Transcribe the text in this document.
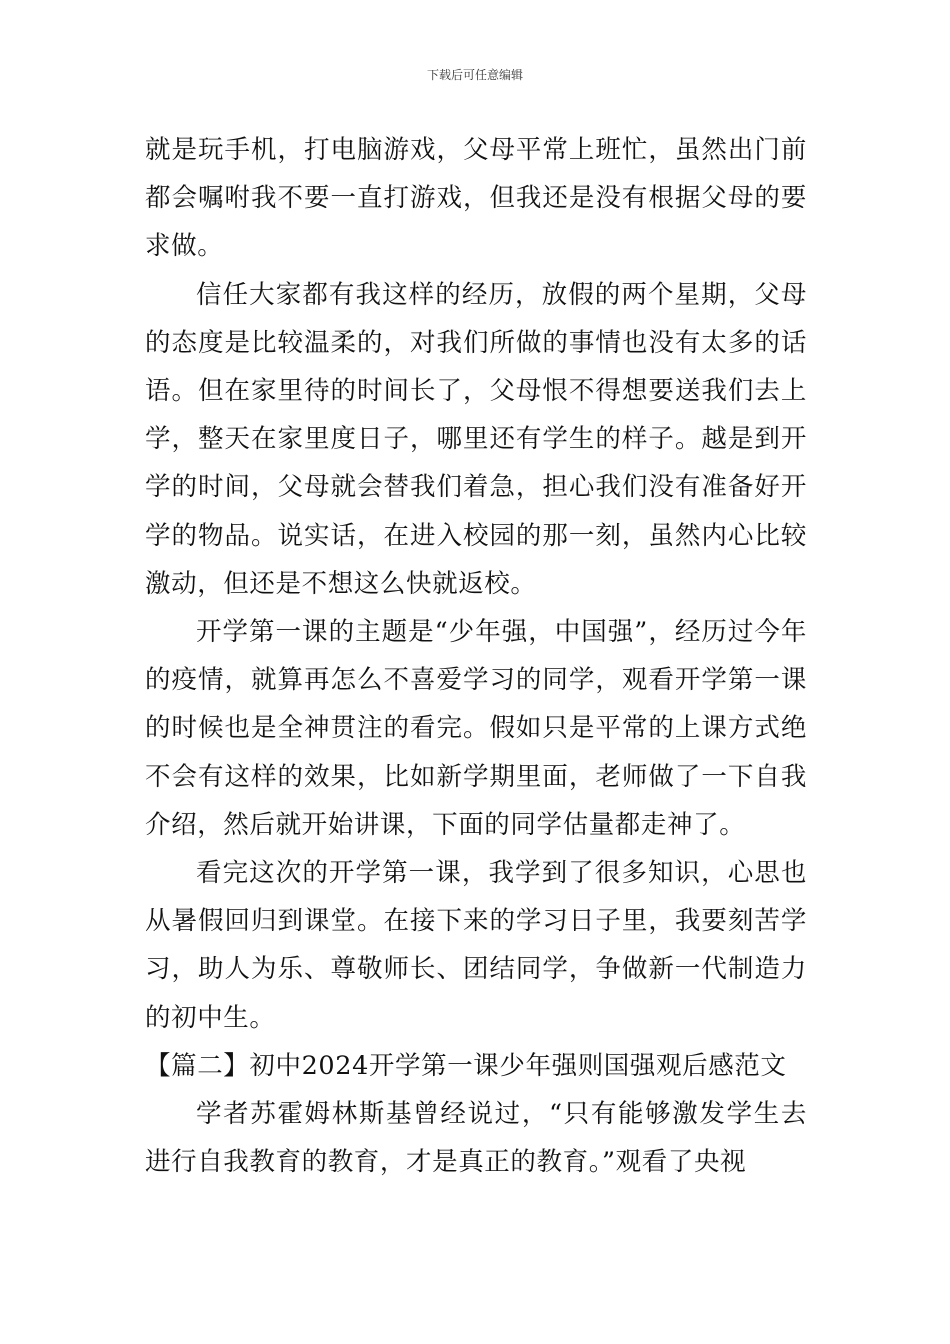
下载后可任意编辑

就是玩手机，打电脑游戏，父母平常上班忙，虽然出门前都会嘱咐我不要一直打游戏，但我还是没有根据父母的要求做。

信任大家都有我这样的经历，放假的两个星期，父母的态度是比较温柔的，对我们所做的事情也没有太多的话语。但在家里待的时间长了，父母恨不得想要送我们去上学，整天在家里度日子，哪里还有学生的样子。越是到开学的时间，父母就会替我们着急，担心我们没有准备好开学的物品。说实话，在进入校园的那一刻，虽然内心比较激动，但还是不想这么快就返校。

开学第一课的主题是“少年强，中国强”，经历过今年的疫情，就算再怎么不喜爱学习的同学，观看开学第一课的时候也是全神贯注的看完。假如只是平常的上课方式绝不会有这样的效果，比如新学期里面，老师做了一下自我介绍，然后就开始讲课，下面的同学估量都走神了。

看完这次的开学第一课，我学到了很多知识，心思也从暑假回归到课堂。在接下来的学习日子里，我要刻苦学习，助人为乐、尊敬师长、团结同学，争做新一代制造力的初中生。

【篇二】初中2024开学第一课少年强则国强观后感范文

学者苏霍姆林斯基曾经说过，“只有能够激发学生去进行自我教育的教育，才是真正的教育。”观看了央视
